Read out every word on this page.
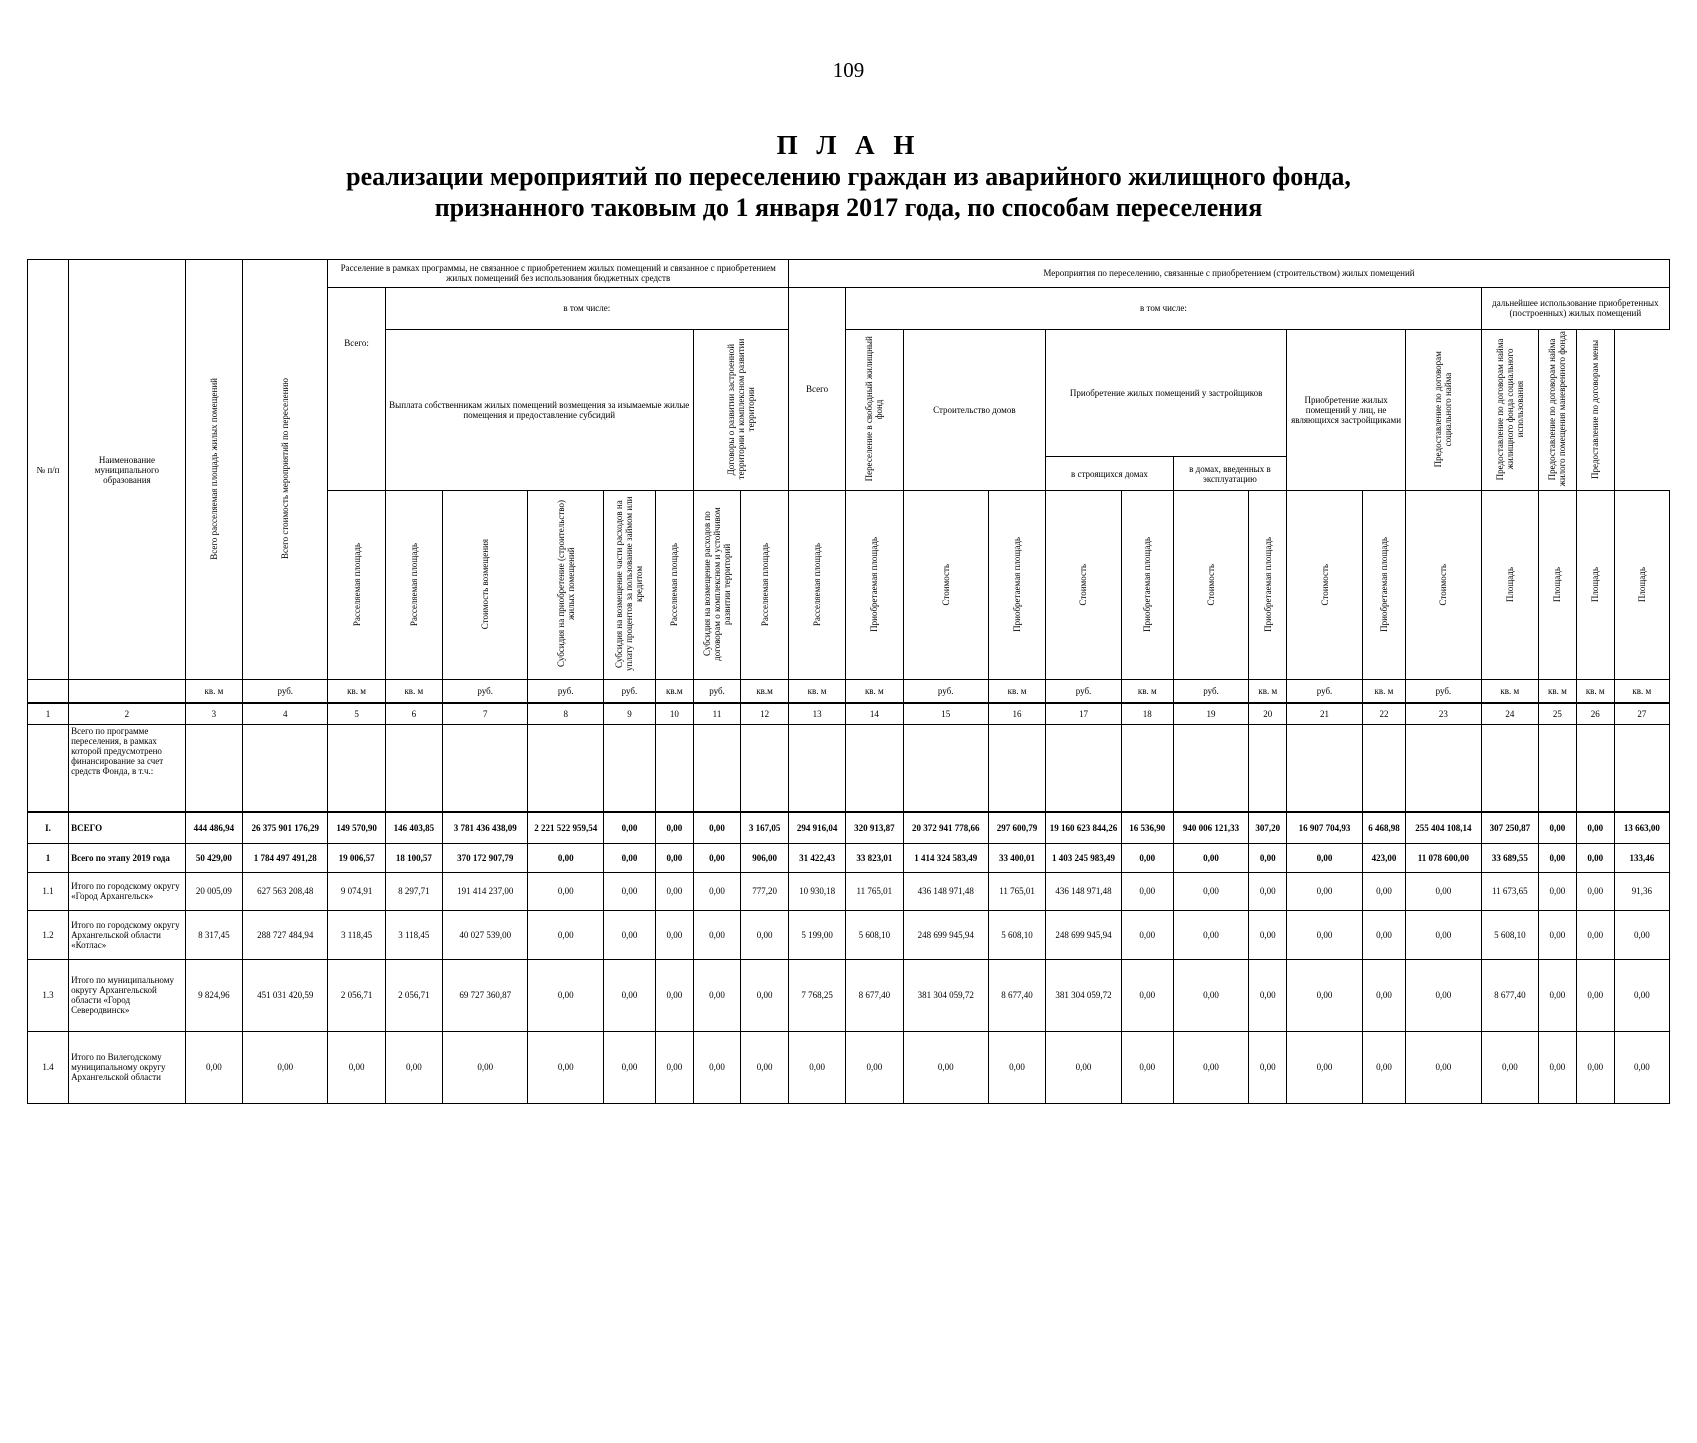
109
П Л А Н
реализации мероприятий по переселению граждан из аварийного жилищного фонда,
признанного таковым до 1 января 2017 года, по способам переселения
№ п/п	Наименование муниципального образования	Всего расселяемая площадь жилых помещений	Всего стоимость мероприятий по переселению	Расселение в рамках программы, не связанное с приобретением жилых помещений и связанное с приобретением жилых помещений без использования бюджетных средств								Мероприятия по переселению, связанные с приобретением (строительством) жилых помещений														
				Всего:	в том числе:							Всего	в том числе:										дальнейшее использование приобретенных (построенных) жилых помещений			
					Выплата собственникам жилых помещений возмещения за изымаемые жилые помещения и предоставление субсидий					Договоры о развитии застроенной территории и комплексном развитии территории			Переселение в свободный жилищный фонд	Строительство домов		Приобретение жилых помещений у застройщиков				Приобретение жилых помещений у лиц, не являющихся застройщиками		Предоставление по договорам социального найма	Предоставление по договорам найма жилищного фонда социального использования	Предоставление по договорам найма жилого помещения маневренного фонда	Предоставление по договорам мены	
																в строящихся домах		в домах, введенных в эксплуатацию								
				Расселяемая площадь	Расселяемая площадь	Стоимость возмещения	Субсидия на приобретение (строительство) жилых помещений	Субсидия на возмещение части расходов на уплату процентов за пользование займом или кредитом	Расселяемая площадь	Субсидия на возмещение расходов по договорам о комплексном и устойчивом развитии территорий	Расселяемая площадь	Расселяемая площадь	Приобретаемая площадь	Стоимость	Приобретаемая площадь	Стоимость	Приобретаемая площадь	Стоимость	Приобретаемая площадь	Стоимость	Приобретаемая площадь	Стоимость	Площадь	Площадь	Площадь	Площадь
		кв. м	руб.	кв. м	кв. м	руб.	руб.	руб.	кв.м	руб.	кв.м	кв. м	кв. м	руб.	кв. м	руб.	кв. м	руб.	кв. м	руб.	кв. м	руб.	кв. м	кв. м	кв. м	кв. м
1	2	3	4	5	6	7	8	9	10	11	12	13	14	15	16	17	18	19	20	21	22	23	24	25	26	27
	Всего по программе переселения, в рамках которой предусмотрено финансирование за счет средств Фонда, в т.ч.:																									
I.	ВСЕГО	444 486,94	26 375 901 176,29	149 570,90	146 403,85	3 781 436 438,09	2 221 522 959,54	0,00	0,00	0,00	3 167,05	294 916,04	320 913,87	20 372 941 778,66	297 600,79	19 160 623 844,26	16 536,90	940 006 121,33	307,20	16 907 704,93	6 468,98	255 404 108,14	307 250,87	0,00	0,00	13 663,00
1	Всего по этапу 2019 года	50 429,00	1 784 497 491,28	19 006,57	18 100,57	370 172 907,79	0,00	0,00	0,00	0,00	906,00	31 422,43	33 823,01	1 414 324 583,49	33 400,01	1 403 245 983,49	0,00	0,00	0,00	0,00	423,00	11 078 600,00	33 689,55	0,00	0,00	133,46
1.1	Итого по городскому округу «Город Архангельск»	20 005,09	627 563 208,48	9 074,91	8 297,71	191 414 237,00	0,00	0,00	0,00	0,00	777,20	10 930,18	11 765,01	436 148 971,48	11 765,01	436 148 971,48	0,00	0,00	0,00	0,00	0,00	0,00	11 673,65	0,00	0,00	91,36
1.2	Итого по городскому округу Архангельской области «Котлас»	8 317,45	288 727 484,94	3 118,45	3 118,45	40 027 539,00	0,00	0,00	0,00	0,00	0,00	5 199,00	5 608,10	248 699 945,94	5 608,10	248 699 945,94	0,00	0,00	0,00	0,00	0,00	0,00	5 608,10	0,00	0,00	0,00
1.3	Итого по муниципальному округу Архангельской области «Город Северодвинск»	9 824,96	451 031 420,59	2 056,71	2 056,71	69 727 360,87	0,00	0,00	0,00	0,00	0,00	7 768,25	8 677,40	381 304 059,72	8 677,40	381 304 059,72	0,00	0,00	0,00	0,00	0,00	0,00	8 677,40	0,00	0,00	0,00
1.4	Итого по Вилегодскому муниципальному округу Архангельской области	0,00	0,00	0,00	0,00	0,00	0,00	0,00	0,00	0,00	0,00	0,00	0,00	0,00	0,00	0,00	0,00	0,00	0,00	0,00	0,00	0,00	0,00	0,00	0,00	0,00
